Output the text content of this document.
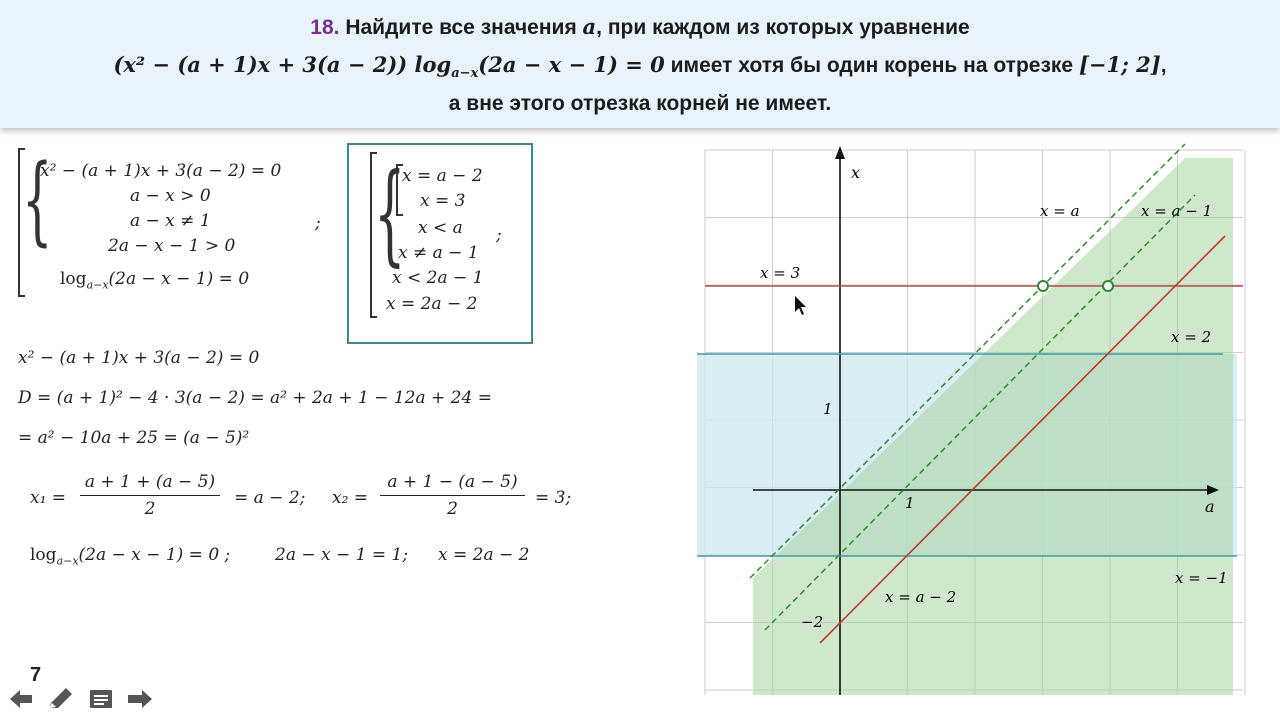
18. Найдите все значения a, при каждом из которых уравнение
(x² − (a + 1)x + 3(a − 2)) $\log_{a-x}(2a - x - 1) = 0$ имеет хотя бы один корень на отрезке [−1; 2],
а вне этого отрезка корней не имеет.
{
x² − (a + 1)x + 3(a − 2) = 0
a − x > 0
a − x ≠ 1
2a − x − 1 > 0
$\log_{a-x}(2a - x - 1) = 0$
; {
x = a − 2
x = 3
x < a
x ≠ a − 1
x < 2a − 1
x = 2a − 2
;
x² − (a + 1)x + 3(a − 2) = 0
D = (a + 1)² − 4 · 3(a − 2) = a² + 2a + 1 − 12a + 24 =
= a² − 10a + 25 = (a − 5)²
x₁ =
a + 1 + (a − 5)
2
= a − 2; x₂ =
a + 1 − (a − 5)
2
= 3;
$\log_{a-x}(2a - x - 1) = 0$ ;	2a − x − 1 = 1; x = 2a − 2
x
a
1
1
−2
x = 3
x = a	x = a − 1
x = 2
x = −1
x = a − 2
7
